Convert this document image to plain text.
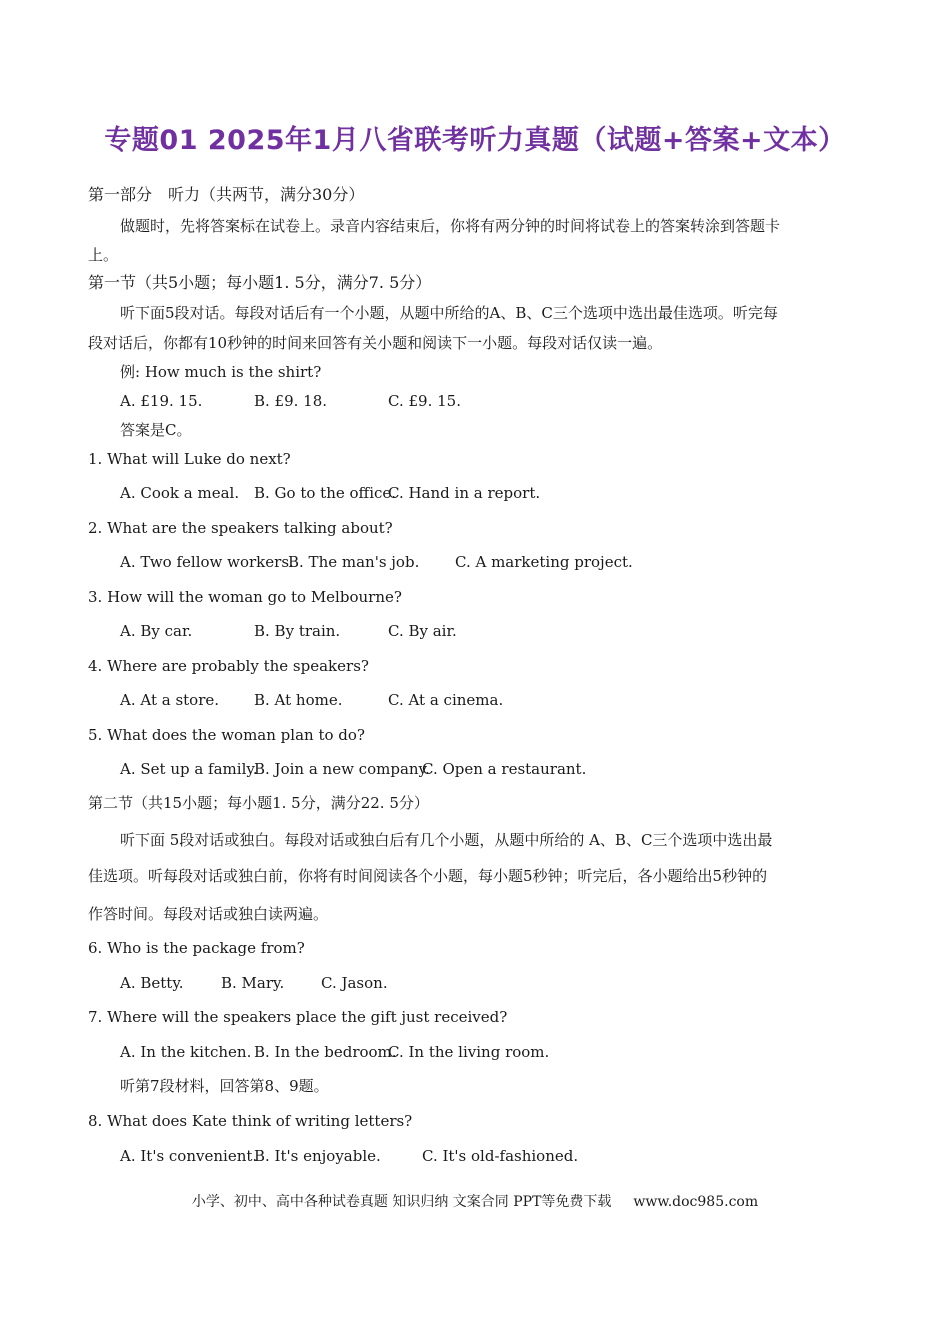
专题01 2025年1月八省联考听力真题（试题+答案+文本）
第一部分　听力（共两节，满分30分）
做题时，先将答案标在试卷上。录音内容结束后，你将有两分钟的时间将试卷上的答案转涂到答题卡
上。
第一节（共5小题；每小题1. 5分，满分7. 5分）
听下面5段对话。每段对话后有一个小题，从题中所给的A、B、C三个选项中选出最佳选项。听完每
段对话后，你都有10秒钟的时间来回答有关小题和阅读下一小题。每段对话仅读一遍。
例: How much is the shirt?
A. £19. 15.	B. £9. 18.	C. £9. 15.
答案是C。
1. What will Luke do next?
A. Cook a meal. B. Go to the office.
C. Hand in a report.
2. What are the speakers talking about?
A. Two fellow workers.
B. The man's job. C. A marketing project.
3. How will the woman go to Melbourne?
A. By car.	B. By train.	C. By air.
4. Where are probably the speakers?
A. At a store. B. At home.	C. At a cinema.
5. What does the woman plan to do?
A. Set up a family.
B. Join a new company.
C. Open a restaurant.
第二节（共15小题；每小题1. 5分，满分22. 5分）
听下面 5段对话或独白。每段对话或独白后有几个小题，从题中所给的 A、B、C三个选项中选出最
佳选项。听每段对话或独白前，你将有时间阅读各个小题，每小题5秒钟；听完后，各小题给出5秒钟的
作答时间。每段对话或独白读两遍。
6. Who is the package from?
A. Betty. B. Mary. C. Jason.
7. Where will the speakers place the gift just received?
A. In the kitchen. B. In the bedroom.
C. In the living room.
听第7段材料，回答第8、9题。
8. What does Kate think of writing letters?
A. It's convenient.
B. It's enjoyable.	C. It's old-fashioned.
小学、初中、高中各种试卷真题 知识归纳 文案合同 PPT等免费下载 www.doc985.com
